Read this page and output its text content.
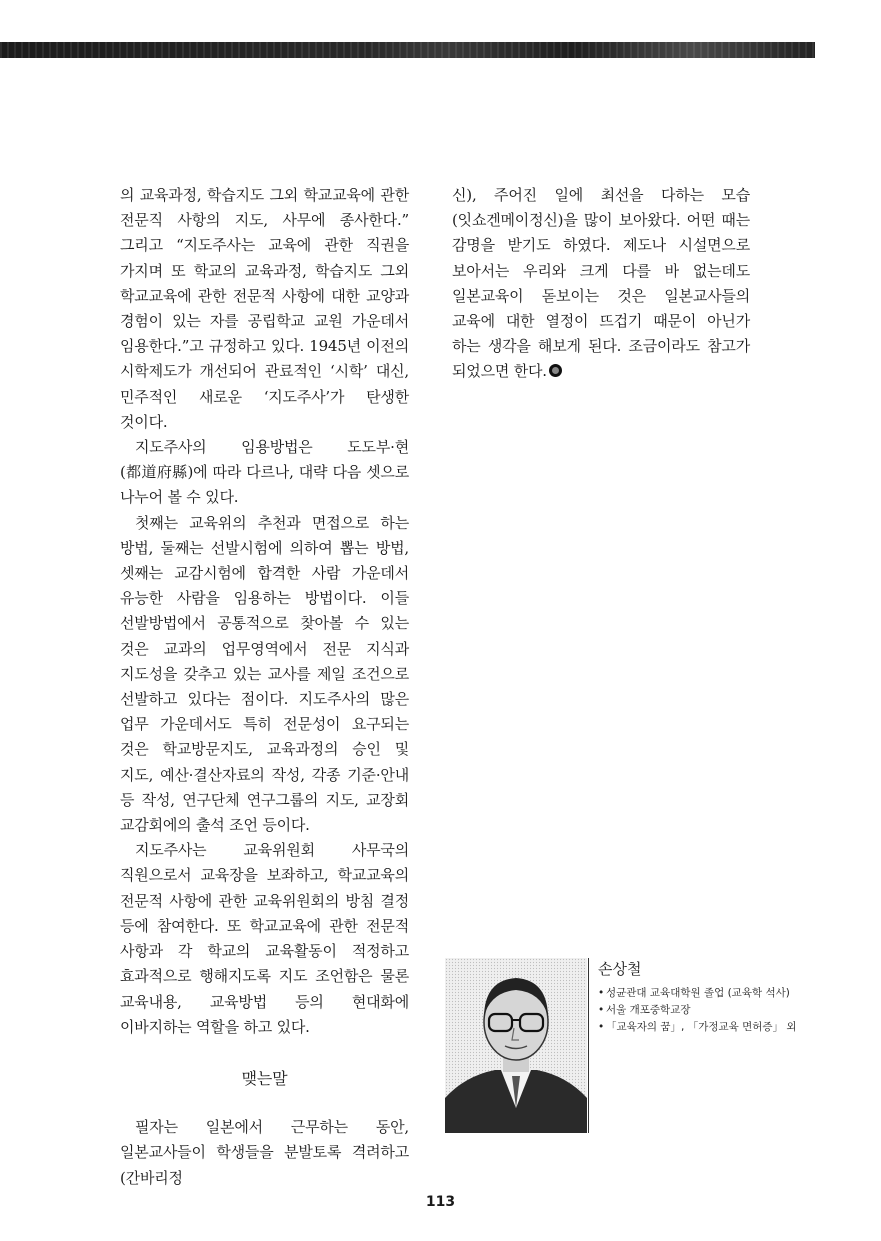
의 교육과정, 학습지도 그외 학교교육에 관한 전문직 사항의 지도, 사무에 종사한다.” 그리고 “지도주사는 교육에 관한 직권을 가지며 또 학교의 교육과정, 학습지도 그외 학교교육에 관한 전문적 사항에 대한 교양과 경험이 있는 자를 공립학교 교원 가운데서 임용한다.”고 규정하고 있다. 1945년 이전의 시학제도가 개선되어 관료적인 ‘시학’ 대신, 민주적인 새로운 ‘지도주사’가 탄생한 것이다.

지도주사의 임용방법은 도도부·현 (都道府縣)에 따라 다르나, 대략 다음 셋으로 나누어 볼 수 있다.

첫째는 교육위의 추천과 면접으로 하는 방법, 둘째는 선발시험에 의하여 뽑는 방법, 셋째는 교감시험에 합격한 사람 가운데서 유능한 사람을 임용하는 방법이다. 이들 선발방법에서 공통적으로 찾아볼 수 있는 것은 교과의 업무영역에서 전문 지식과 지도성을 갖추고 있는 교사를 제일 조건으로 선발하고 있다는 점이다. 지도주사의 많은 업무 가운데서도 특히 전문성이 요구되는 것은 학교방문지도, 교육과정의 승인 및 지도, 예산·결산자료의 작성, 각종 기준·안내 등 작성, 연구단체 연구그룹의 지도, 교장회 교감회에의 출석 조언 등이다.

지도주사는 교육위원회 사무국의 직원으로서 교육장을 보좌하고, 학교교육의 전문적 사항에 관한 교육위원회의 방침 결정 등에 참여한다. 또 학교교육에 관한 전문적 사항과 각 학교의 교육활동이 적정하고 효과적으로 행해지도록 지도 조언함은 물론 교육내용, 교육방법 등의 현대화에 이바지하는 역할을 하고 있다.

맺는말

필자는 일본에서 근무하는 동안, 일본교사들이 학생들을 분발토록 격려하고 (간바리정

신), 주어진 일에 최선을 다하는 모습 (잇쇼겐메이정신)을 많이 보아왔다. 어떤 때는 감명을 받기도 하였다. 제도나 시설면으로 보아서는 우리와 크게 다를 바 없는데도 일본교육이 돋보이는 것은 일본교사들의 교육에 대한 열정이 뜨겁기 때문이 아닌가 하는 생각을 해보게 된다. 조금이라도 참고가 되었으면 한다.

손상철
• 성균관대 교육대학원 졸업 (교육학 석사)
• 서울 개포중학교장
• 「교육자의 꿈」, 「가정교육 면허증」 외
113
